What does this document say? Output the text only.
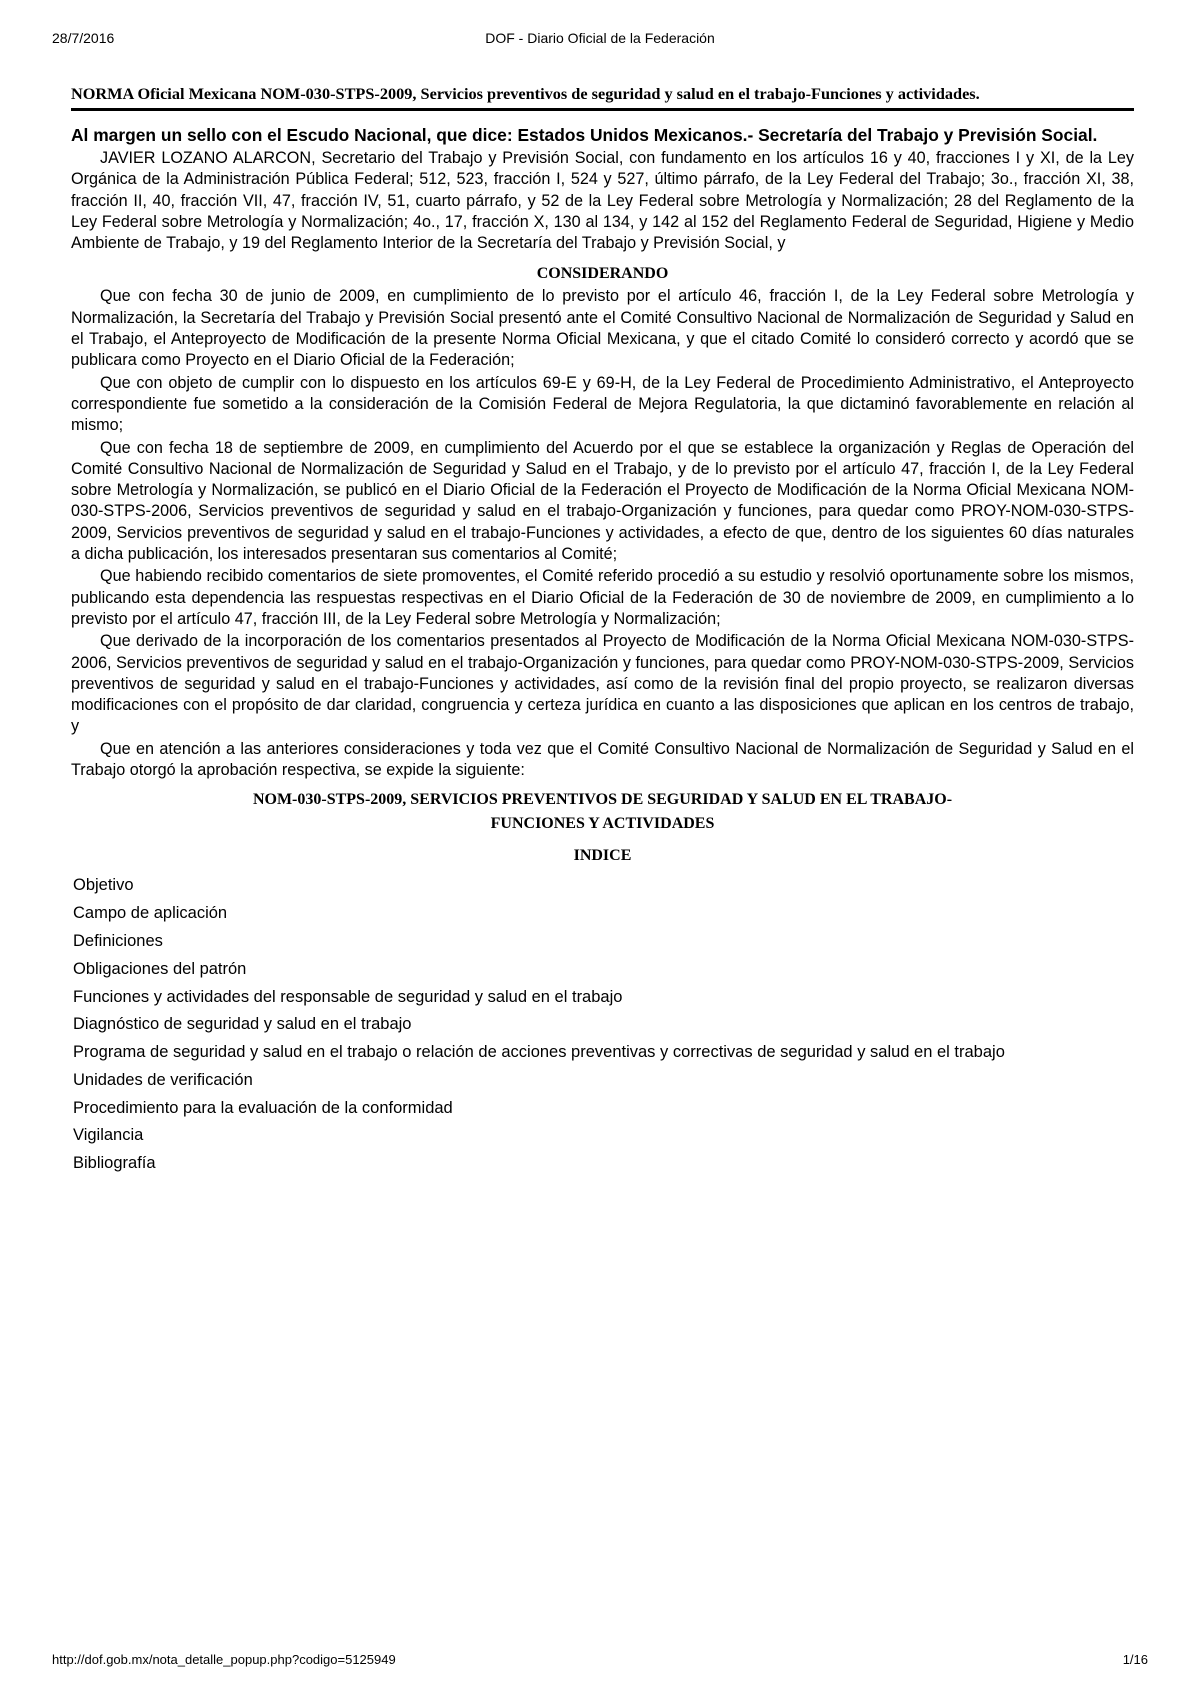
28/7/2016	DOF - Diario Oficial de la Federación
NORMA Oficial Mexicana NOM-030-STPS-2009, Servicios preventivos de seguridad y salud en el trabajo-Funciones y actividades.
Al margen un sello con el Escudo Nacional, que dice: Estados Unidos Mexicanos.- Secretaría del Trabajo y Previsión Social.

JAVIER LOZANO ALARCON, Secretario del Trabajo y Previsión Social, con fundamento en los artículos 16 y 40, fracciones I y XI, de la Ley Orgánica de la Administración Pública Federal; 512, 523, fracción I, 524 y 527, último párrafo, de la Ley Federal del Trabajo; 3o., fracción XI, 38, fracción II, 40, fracción VII, 47, fracción IV, 51, cuarto párrafo, y 52 de la Ley Federal sobre Metrología y Normalización; 28 del Reglamento de la Ley Federal sobre Metrología y Normalización; 4o., 17, fracción X, 130 al 134, y 142 al 152 del Reglamento Federal de Seguridad, Higiene y Medio Ambiente de Trabajo, y 19 del Reglamento Interior de la Secretaría del Trabajo y Previsión Social, y

CONSIDERANDO

Que con fecha 30 de junio de 2009, en cumplimiento de lo previsto por el artículo 46, fracción I, de la Ley Federal sobre Metrología y Normalización, la Secretaría del Trabajo y Previsión Social presentó ante el Comité Consultivo Nacional de Normalización de Seguridad y Salud en el Trabajo, el Anteproyecto de Modificación de la presente Norma Oficial Mexicana, y que el citado Comité lo consideró correcto y acordó que se publicara como Proyecto en el Diario Oficial de la Federación;

Que con objeto de cumplir con lo dispuesto en los artículos 69-E y 69-H, de la Ley Federal de Procedimiento Administrativo, el Anteproyecto correspondiente fue sometido a la consideración de la Comisión Federal de Mejora Regulatoria, la que dictaminó favorablemente en relación al mismo;

Que con fecha 18 de septiembre de 2009, en cumplimiento del Acuerdo por el que se establece la organización y Reglas de Operación del Comité Consultivo Nacional de Normalización de Seguridad y Salud en el Trabajo, y de lo previsto por el artículo 47, fracción I, de la Ley Federal sobre Metrología y Normalización, se publicó en el Diario Oficial de la Federación el Proyecto de Modificación de la Norma Oficial Mexicana NOM-030-STPS-2006, Servicios preventivos de seguridad y salud en el trabajo-Organización y funciones, para quedar como PROY-NOM-030-STPS-2009, Servicios preventivos de seguridad y salud en el trabajo-Funciones y actividades, a efecto de que, dentro de los siguientes 60 días naturales a dicha publicación, los interesados presentaran sus comentarios al Comité;

Que habiendo recibido comentarios de siete promoventes, el Comité referido procedió a su estudio y resolvió oportunamente sobre los mismos, publicando esta dependencia las respuestas respectivas en el Diario Oficial de la Federación de 30 de noviembre de 2009, en cumplimiento a lo previsto por el artículo 47, fracción III, de la Ley Federal sobre Metrología y Normalización;

Que derivado de la incorporación de los comentarios presentados al Proyecto de Modificación de la Norma Oficial Mexicana NOM-030-STPS-2006, Servicios preventivos de seguridad y salud en el trabajo-Organización y funciones, para quedar como PROY-NOM-030-STPS-2009, Servicios preventivos de seguridad y salud en el trabajo-Funciones y actividades, así como de la revisión final del propio proyecto, se realizaron diversas modificaciones con el propósito de dar claridad, congruencia y certeza jurídica en cuanto a las disposiciones que aplican en los centros de trabajo, y

Que en atención a las anteriores consideraciones y toda vez que el Comité Consultivo Nacional de Normalización de Seguridad y Salud en el Trabajo otorgó la aprobación respectiva, se expide la siguiente:

NOM-030-STPS-2009, SERVICIOS PREVENTIVOS DE SEGURIDAD Y SALUD EN EL TRABAJO-
FUNCIONES Y ACTIVIDADES
INDICE
Objetivo
Campo de aplicación
Definiciones
Obligaciones del patrón
Funciones y actividades del responsable de seguridad y salud en el trabajo
Diagnóstico de seguridad y salud en el trabajo
Programa de seguridad y salud en el trabajo o relación de acciones preventivas y correctivas de seguridad y salud en el trabajo
Unidades de verificación
Procedimiento para la evaluación de la conformidad
Vigilancia
Bibliografía
http://dof.gob.mx/nota_detalle_popup.php?codigo=5125949	1/16
